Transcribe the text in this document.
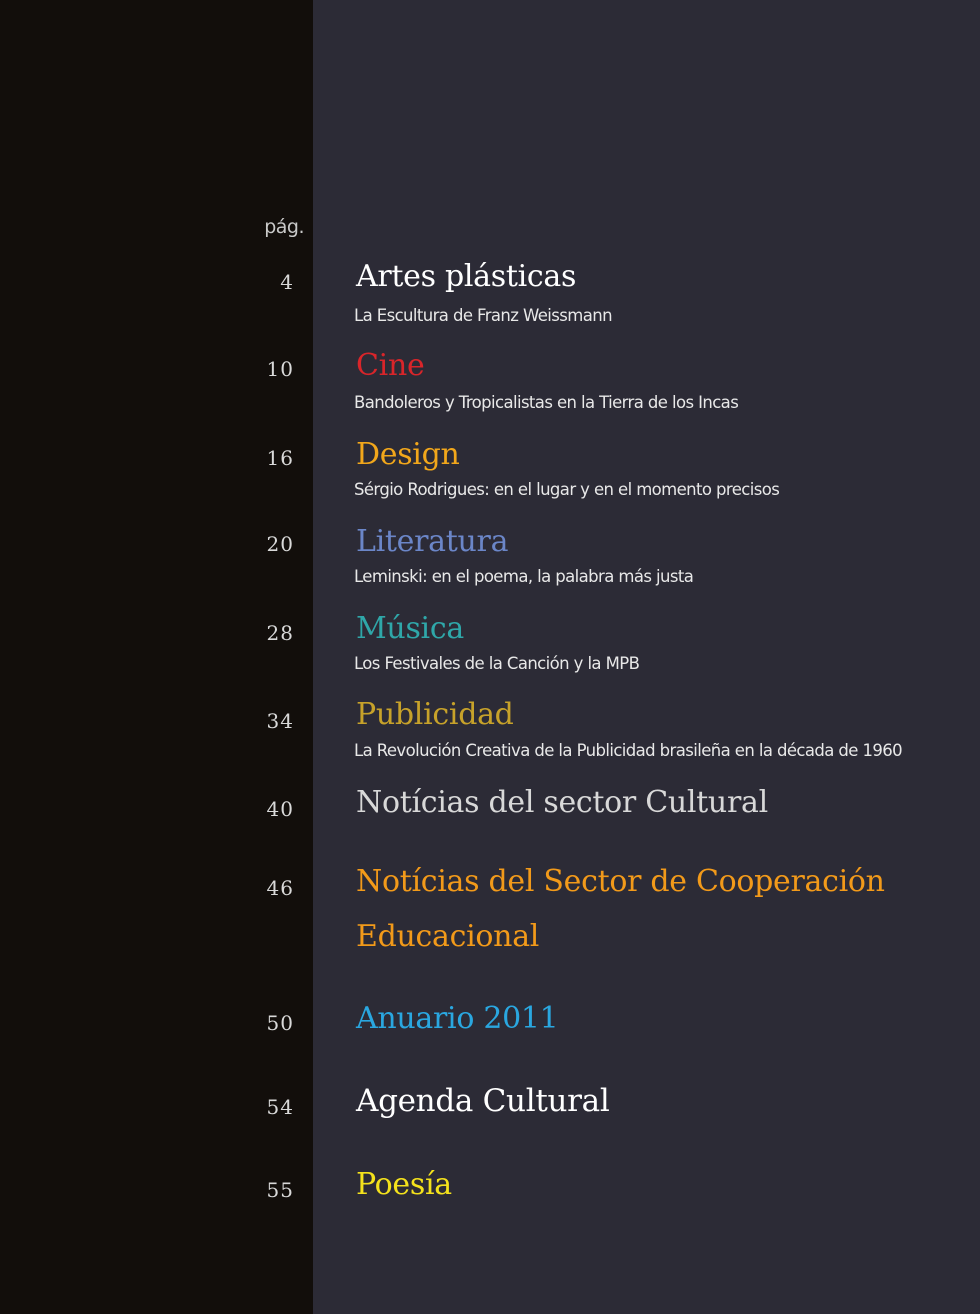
pág.
4 Artes plásticas
La Escultura de Franz Weissmann
10 Cine
Bandoleros y Tropicalistas en la Tierra de los Incas
16 Design
Sérgio Rodrigues: en el lugar y en el momento precisos
20 Literatura
Leminski: en el poema, la palabra más justa
28 Música
Los Festivales de la Canción y la MPB
34 Publicidad
La Revolución Creativa de la Publicidad brasileña en la década de 1960
40 Notícias del sector Cultural
46 Notícias del Sector de Cooperación
Educacional
50 Anuario 2011
54 Agenda Cultural
55 Poesía
